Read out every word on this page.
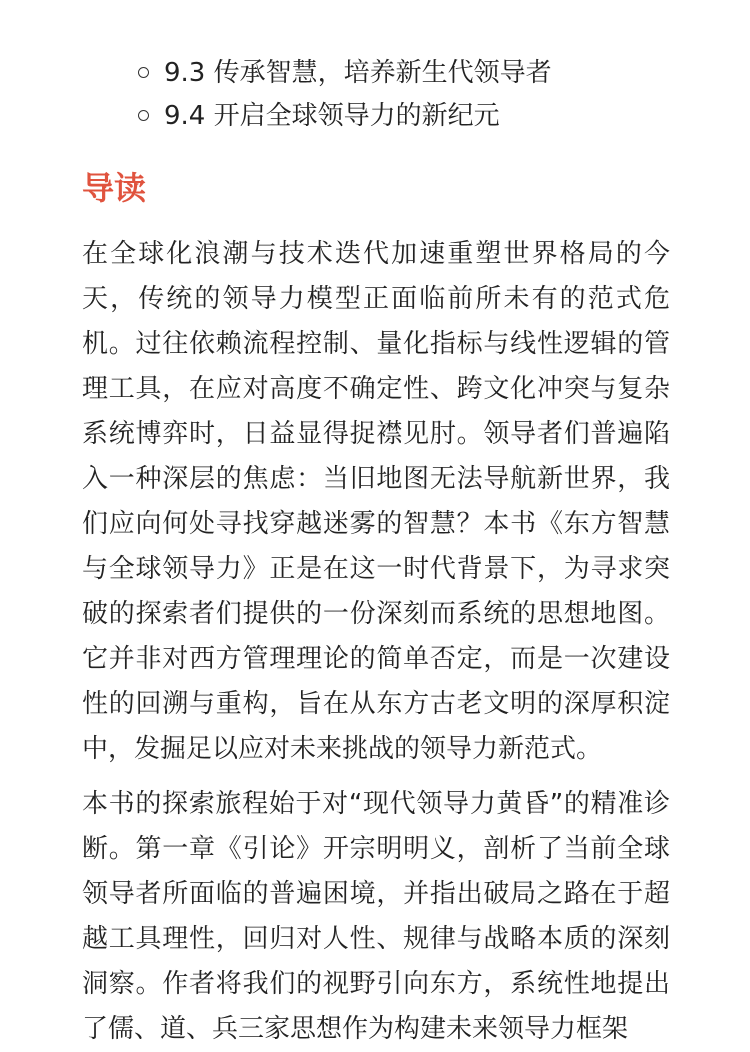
9.3 传承智慧，培养新生代领导者
9.4 开启全球领导力的新纪元
导读

在全球化浪潮与技术迭代加速重塑世界格局的今天，传统的领导力模型正面临前所未有的范式危机。过往依赖流程控制、量化指标与线性逻辑的管理工具，在应对高度不确定性、跨文化冲突与复杂系统博弈时，日益显得捉襟见肘。领导者们普遍陷入一种深层的焦虑：当旧地图无法导航新世界，我们应向何处寻找穿越迷雾的智慧？本书《东方智慧与全球领导力》正是在这一时代背景下，为寻求突破的探索者们提供的一份深刻而系统的思想地图。它并非对西方管理理论的简单否定，而是一次建设性的回溯与重构，旨在从东方古老文明的深厚积淀中，发掘足以应对未来挑战的领导力新范式。

本书的探索旅程始于对“现代领导力黄昏”的精准诊断。第一章《引论》开宗明明义，剖析了当前全球领导者所面临的普遍困境，并指出破局之路在于超越工具理性，回归对人性、规律与战略本质的深刻洞察。作者将我们的视野引向东方，系统性地提出了儒、道、兵三家思想作为构建未来领导力框架
